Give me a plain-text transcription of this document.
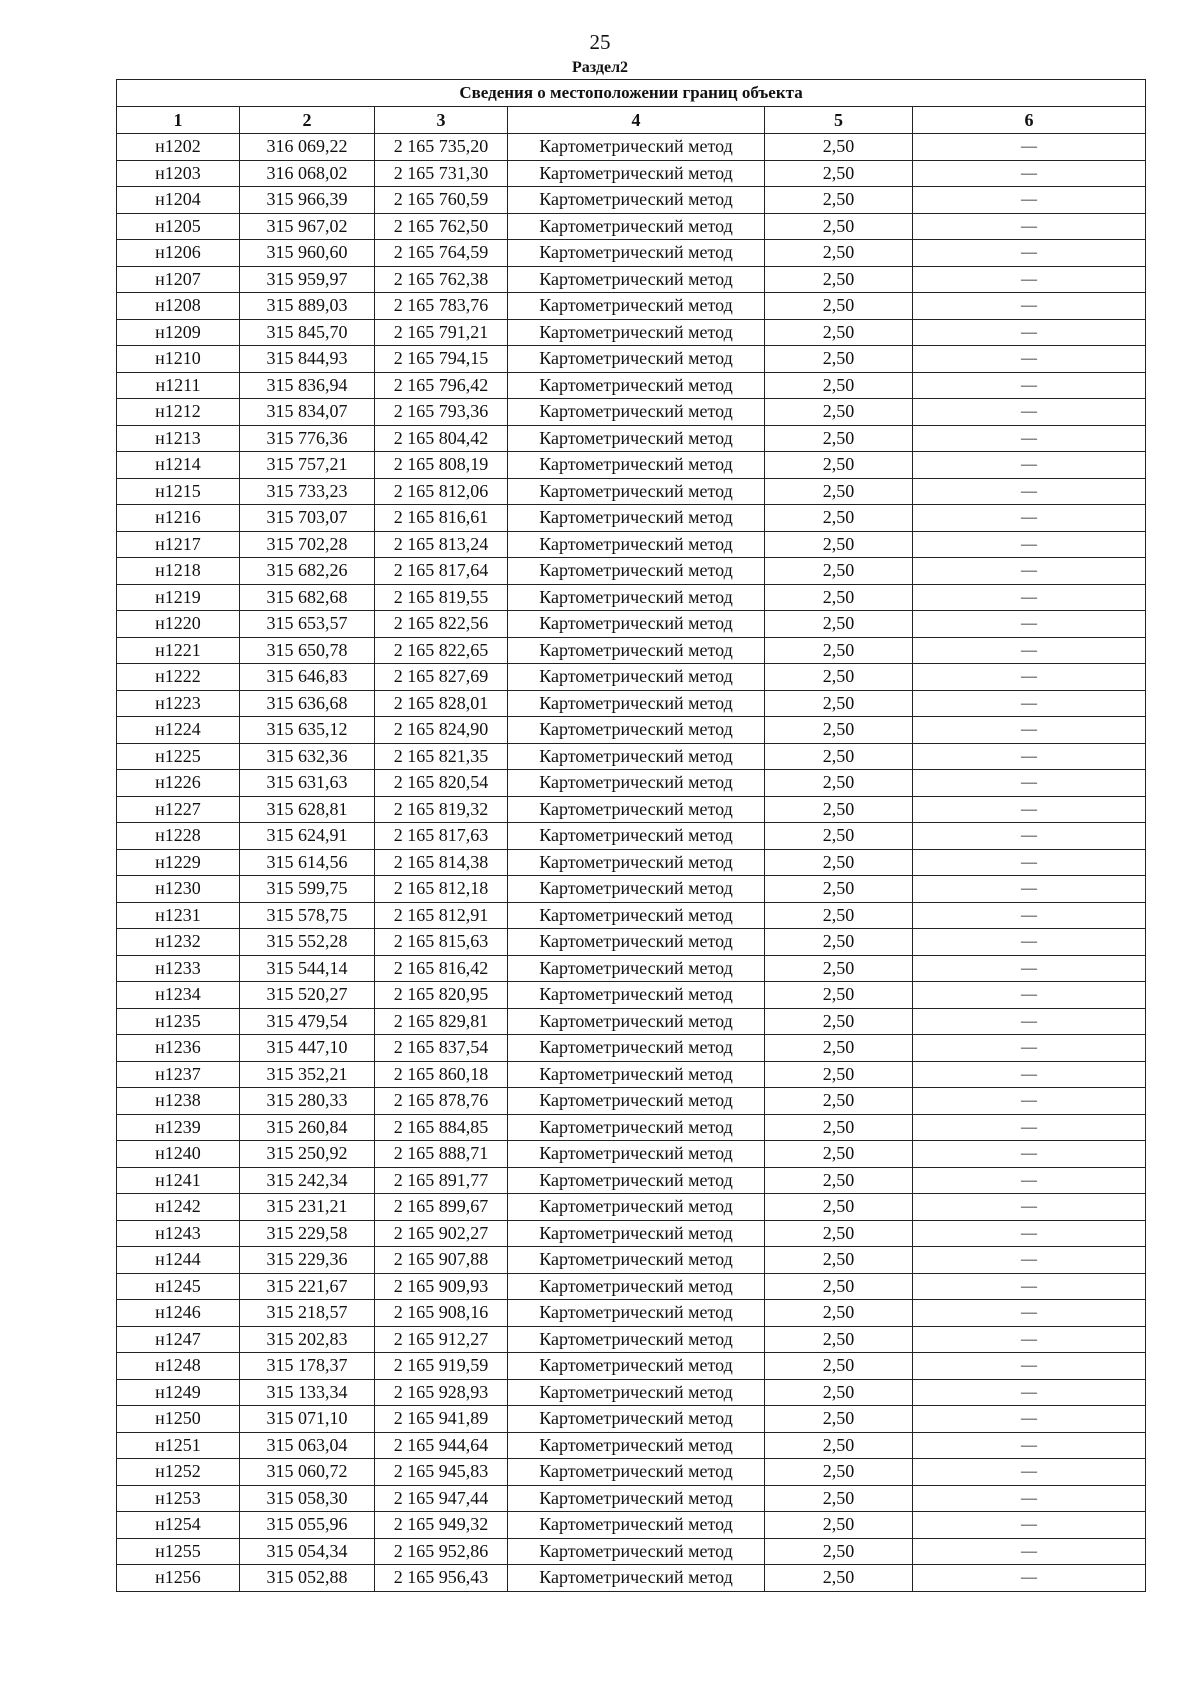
25
Раздел2
Сведения о местоположении границ объекта					
1	2	3	4	5	6
н1202	316 069,22	2 165 735,20	Картометрический метод	2,50	—
н1203	316 068,02	2 165 731,30	Картометрический метод	2,50	—
н1204	315 966,39	2 165 760,59	Картометрический метод	2,50	—
н1205	315 967,02	2 165 762,50	Картометрический метод	2,50	—
н1206	315 960,60	2 165 764,59	Картометрический метод	2,50	—
н1207	315 959,97	2 165 762,38	Картометрический метод	2,50	—
н1208	315 889,03	2 165 783,76	Картометрический метод	2,50	—
н1209	315 845,70	2 165 791,21	Картометрический метод	2,50	—
н1210	315 844,93	2 165 794,15	Картометрический метод	2,50	—
н1211	315 836,94	2 165 796,42	Картометрический метод	2,50	—
н1212	315 834,07	2 165 793,36	Картометрический метод	2,50	—
н1213	315 776,36	2 165 804,42	Картометрический метод	2,50	—
н1214	315 757,21	2 165 808,19	Картометрический метод	2,50	—
н1215	315 733,23	2 165 812,06	Картометрический метод	2,50	—
н1216	315 703,07	2 165 816,61	Картометрический метод	2,50	—
н1217	315 702,28	2 165 813,24	Картометрический метод	2,50	—
н1218	315 682,26	2 165 817,64	Картометрический метод	2,50	—
н1219	315 682,68	2 165 819,55	Картометрический метод	2,50	—
н1220	315 653,57	2 165 822,56	Картометрический метод	2,50	—
н1221	315 650,78	2 165 822,65	Картометрический метод	2,50	—
н1222	315 646,83	2 165 827,69	Картометрический метод	2,50	—
н1223	315 636,68	2 165 828,01	Картометрический метод	2,50	—
н1224	315 635,12	2 165 824,90	Картометрический метод	2,50	—
н1225	315 632,36	2 165 821,35	Картометрический метод	2,50	—
н1226	315 631,63	2 165 820,54	Картометрический метод	2,50	—
н1227	315 628,81	2 165 819,32	Картометрический метод	2,50	—
н1228	315 624,91	2 165 817,63	Картометрический метод	2,50	—
н1229	315 614,56	2 165 814,38	Картометрический метод	2,50	—
н1230	315 599,75	2 165 812,18	Картометрический метод	2,50	—
н1231	315 578,75	2 165 812,91	Картометрический метод	2,50	—
н1232	315 552,28	2 165 815,63	Картометрический метод	2,50	—
н1233	315 544,14	2 165 816,42	Картометрический метод	2,50	—
н1234	315 520,27	2 165 820,95	Картометрический метод	2,50	—
н1235	315 479,54	2 165 829,81	Картометрический метод	2,50	—
н1236	315 447,10	2 165 837,54	Картометрический метод	2,50	—
н1237	315 352,21	2 165 860,18	Картометрический метод	2,50	—
н1238	315 280,33	2 165 878,76	Картометрический метод	2,50	—
н1239	315 260,84	2 165 884,85	Картометрический метод	2,50	—
н1240	315 250,92	2 165 888,71	Картометрический метод	2,50	—
н1241	315 242,34	2 165 891,77	Картометрический метод	2,50	—
н1242	315 231,21	2 165 899,67	Картометрический метод	2,50	—
н1243	315 229,58	2 165 902,27	Картометрический метод	2,50	—
н1244	315 229,36	2 165 907,88	Картометрический метод	2,50	—
н1245	315 221,67	2 165 909,93	Картометрический метод	2,50	—
н1246	315 218,57	2 165 908,16	Картометрический метод	2,50	—
н1247	315 202,83	2 165 912,27	Картометрический метод	2,50	—
н1248	315 178,37	2 165 919,59	Картометрический метод	2,50	—
н1249	315 133,34	2 165 928,93	Картометрический метод	2,50	—
н1250	315 071,10	2 165 941,89	Картометрический метод	2,50	—
н1251	315 063,04	2 165 944,64	Картометрический метод	2,50	—
н1252	315 060,72	2 165 945,83	Картометрический метод	2,50	—
н1253	315 058,30	2 165 947,44	Картометрический метод	2,50	—
н1254	315 055,96	2 165 949,32	Картометрический метод	2,50	—
н1255	315 054,34	2 165 952,86	Картометрический метод	2,50	—
н1256	315 052,88	2 165 956,43	Картометрический метод	2,50	—
